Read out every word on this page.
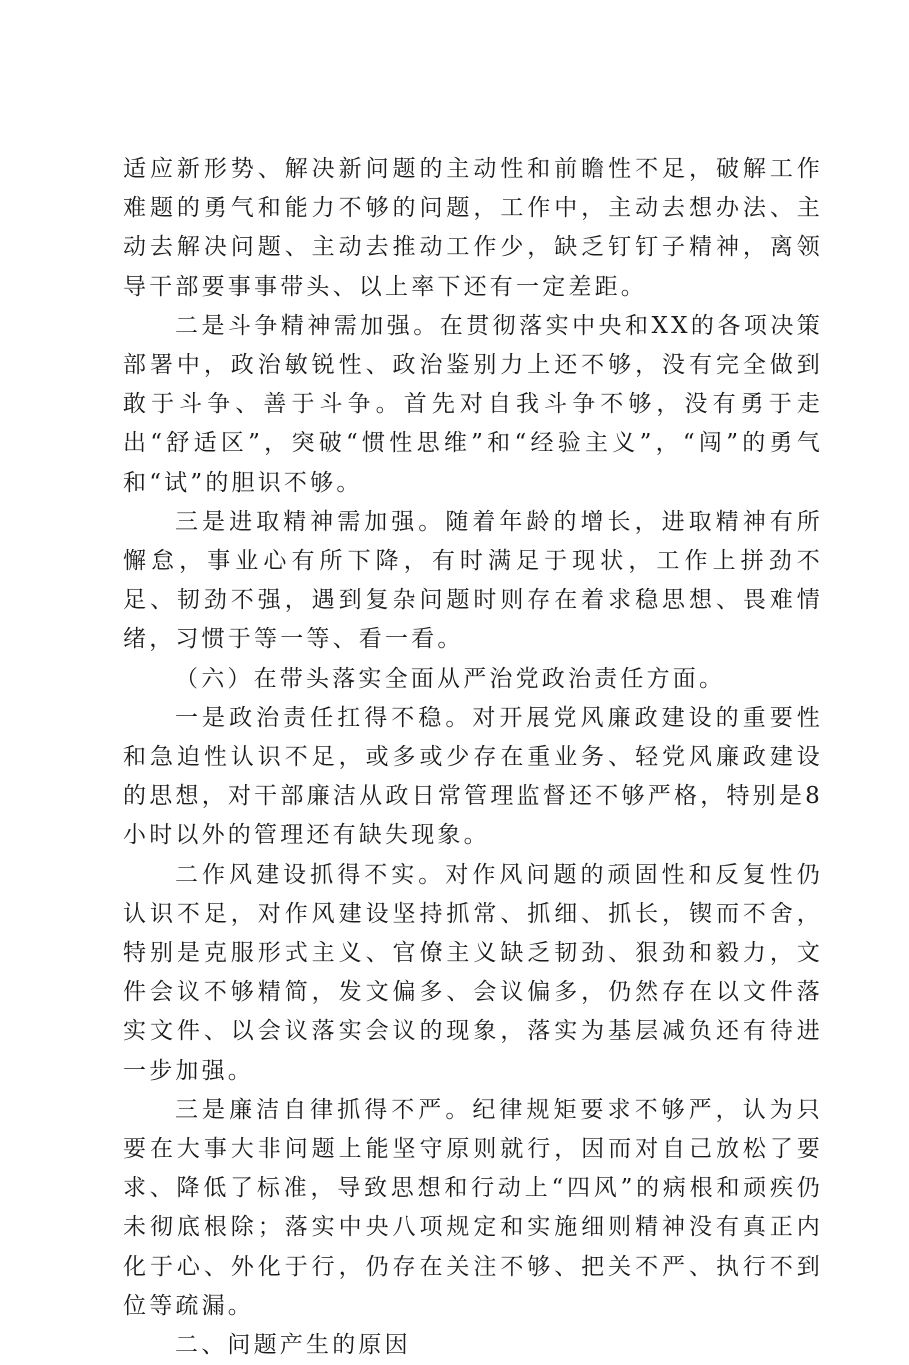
适应新形势、解决新问题的主动性和前瞻性不足，破解工作难题的勇气和能力不够的问题，工作中，主动去想办法、主动去解决问题、主动去推动工作少，缺乏钉钉子精神，离领导干部要事事带头、以上率下还有一定差距。

二是斗争精神需加强。在贯彻落实中央和XX的各项决策部署中，政治敏锐性、政治鉴别力上还不够，没有完全做到敢于斗争、善于斗争。首先对自我斗争不够，没有勇于走出“舒适区”，突破“惯性思维”和“经验主义”，“闯”的勇气和“试”的胆识不够。

三是进取精神需加强。随着年龄的增长，进取精神有所懈怠，事业心有所下降，有时满足于现状，工作上拼劲不足、韧劲不强，遇到复杂问题时则存在着求稳思想、畏难情绪，习惯于等一等、看一看。

（六）在带头落实全面从严治党政治责任方面。

一是政治责任扛得不稳。对开展党风廉政建设的重要性和急迫性认识不足，或多或少存在重业务、轻党风廉政建设的思想，对干部廉洁从政日常管理监督还不够严格，特别是8小时以外的管理还有缺失现象。

二作风建设抓得不实。对作风问题的顽固性和反复性仍认识不足，对作风建设坚持抓常、抓细、抓长，锲而不舍，特别是克服形式主义、官僚主义缺乏韧劲、狠劲和毅力，文件会议不够精简，发文偏多、会议偏多，仍然存在以文件落实文件、以会议落实会议的现象，落实为基层减负还有待进一步加强。

三是廉洁自律抓得不严。纪律规矩要求不够严，认为只要在大事大非问题上能坚守原则就行，因而对自己放松了要求、降低了标准，导致思想和行动上“四风”的病根和顽疾仍未彻底根除；落实中央八项规定和实施细则精神没有真正内化于心、外化于行，仍存在关注不够、把关不严、执行不到位等疏漏。

二、问题产生的原因
